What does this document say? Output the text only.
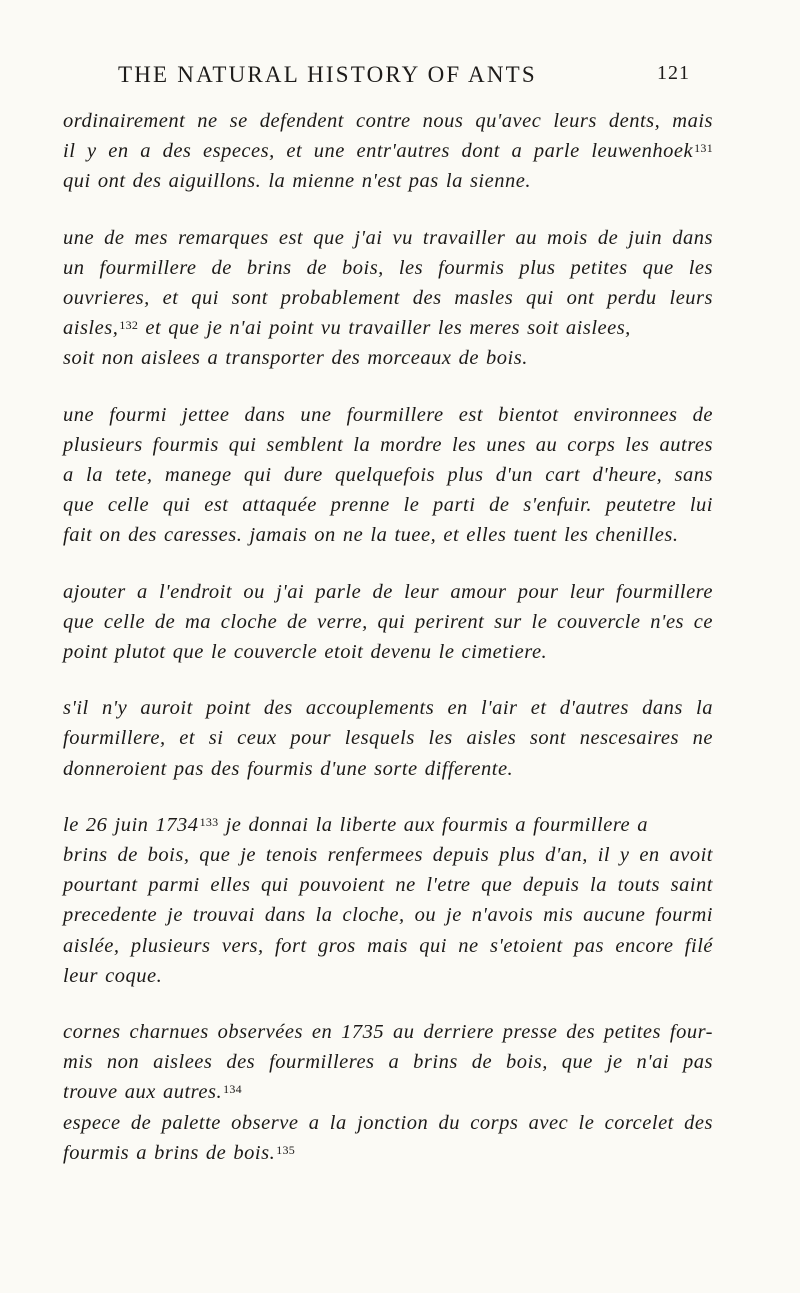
THE NATURAL HISTORY OF ANTS	121

ordinairement ne se defendent contre nous qu'avec leurs dents, mais
il y en a des especes, et une entr'autres dont a parle leuwenhoek$^{131}$
qui ont des aiguillons. la mienne n'est pas la sienne.

une de mes remarques est que j'ai vu travailler au mois de juin dans
un fourmillere de brins de bois, les fourmis plus petites que les
ouvrieres, et qui sont probablement des masles qui ont perdu leurs
aisles,$^{132}$ et que je n'ai point vu travailler les meres soit aislees,
soit non aislees a transporter des morceaux de bois.

une fourmi jettee dans une fourmillere est bientot environnees de
plusieurs fourmis qui semblent la mordre les unes au corps les autres
a la tete, manege qui dure quelquefois plus d'un cart d'heure, sans
que celle qui est attaquée prenne le parti de s'enfuir. peutetre lui
fait on des caresses. jamais on ne la tuee, et elles tuent les chenilles.

ajouter a l'endroit ou j'ai parle de leur amour pour leur fourmillere
que celle de ma cloche de verre, qui perirent sur le couvercle n'es ce
point plutot que le couvercle etoit devenu le cimetiere.

s'il n'y auroit point des accouplements en l'air et d'autres dans la
fourmillere, et si ceux pour lesquels les aisles sont nescesaires ne
donneroient pas des fourmis d'une sorte differente.

le 26 juin 1734$^{133}$ je donnai la liberte aux fourmis a fourmillere a
brins de bois, que je tenois renfermees depuis plus d'an, il y en avoit
pourtant parmi elles qui pouvoient ne l'etre que depuis la touts saint
precedente je trouvai dans la cloche, ou je n'avois mis aucune fourmi
aislée, plusieurs vers, fort gros mais qui ne s'etoient pas encore filé
leur coque.

cornes charnues observées en 1735 au derriere presse des petites four-
mis non aislees des fourmilleres a brins de bois, que je n'ai pas
trouve aux autres.$^{134}$

espece de palette observe a la jonction du corps avec le corcelet des
fourmis a brins de bois.$^{135}$
